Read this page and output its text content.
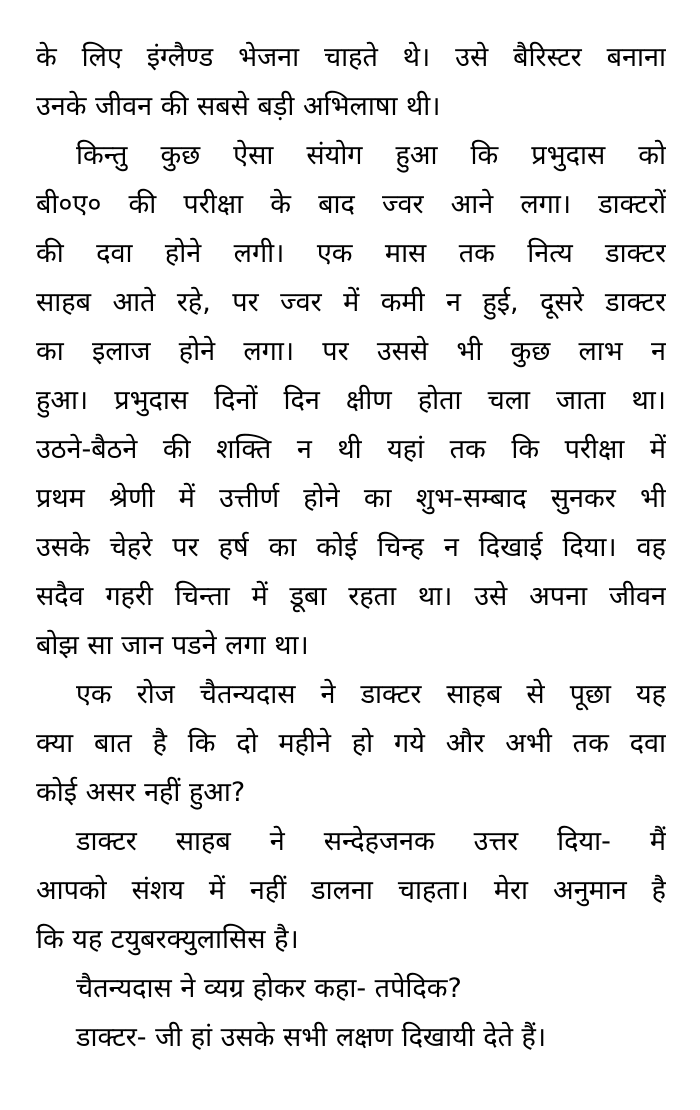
के लिए इंग्लैण्ड भेजना चाहते थे। उसे बैरिस्टर बनाना
उनके जीवन की सबसे बड़ी अभिलाषा थी।
किन्तु कुछ ऐसा संयोग हुआ कि प्रभुदास को
बी०ए० की परीक्षा के बाद ज्वर आने लगा। डाक्टरों
की दवा होने लगी। एक मास तक नित्य डाक्टर
साहब आते रहे, पर ज्वर में कमी न हुई, दूसरे डाक्टर
का इलाज होने लगा। पर उससे भी कुछ लाभ न
हुआ। प्रभुदास दिनों दिन क्षीण होता चला जाता था।
उठने-बैठने की शक्ति न थी यहां तक कि परीक्षा में
प्रथम श्रेणी में उत्तीर्ण होने का शुभ-सम्बाद सुनकर भी
उसके चेहरे पर हर्ष का कोई चिन्ह न दिखाई दिया। वह
सदैव गहरी चिन्ता में डूबा रहता था। उसे अपना जीवन
बोझ सा जान पडने लगा था।
एक रोज चैतन्यदास ने डाक्टर साहब से पूछा यह
क्या बात है कि दो महीने हो गये और अभी तक दवा
कोई असर नहीं हुआ?
डाक्टर साहब ने सन्देहजनक उत्तर दिया- मैं
आपको संशय में नहीं डालना चाहता। मेरा अनुमान है
कि यह टयुबरक्युलासिस है।
चैतन्यदास ने व्यग्र होकर कहा- तपेदिक?
डाक्टर- जी हां उसके सभी लक्षण दिखायी देते हैं।
